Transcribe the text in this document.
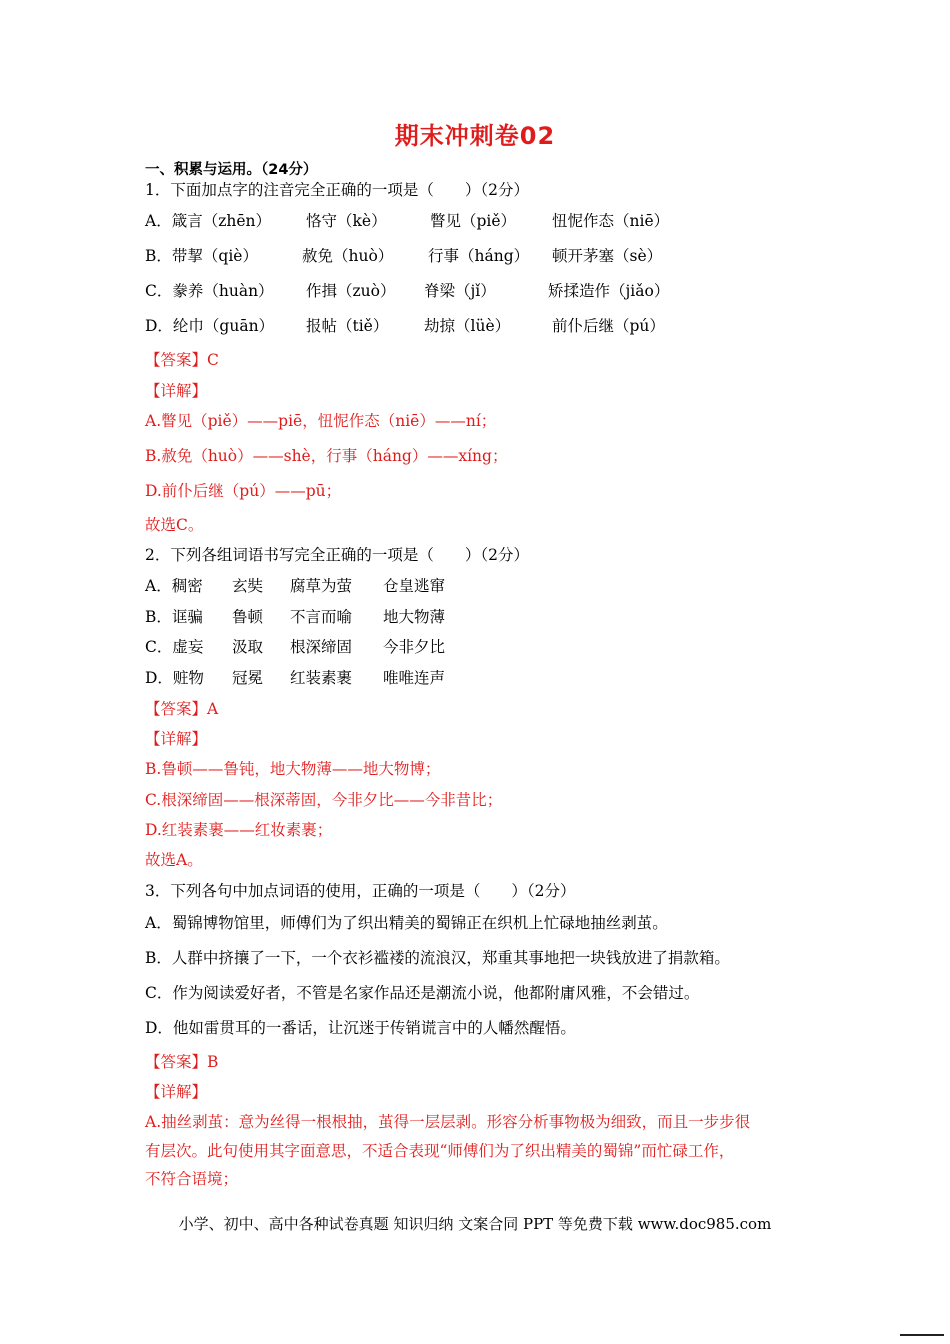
期末冲刺卷02
一、积累与运用。（24分）
1．下面加点字的注音完全正确的一项是（　　）（2分）
A．箴言（zhēn） 恪守（kè）	瞥见（piě） 忸怩作态（niē）
B．带挈（qiè）	赦免（huò） 行事（háng） 顿开茅塞（sè）
C．豢养（huàn） 作揖（zuò） 脊梁（jǐ）	矫揉造作（jiǎo）
D．纶巾（guān） 报帖（tiě） 劫掠（lüè）	前仆后继（pú）
【答案】C
【详解】
A.瞥见（piě）——piē，忸怩作态（niē）——ní；
B.赦免（huò）——shè，行事（háng）——xíng；
D.前仆后继（pú）——pū；
故选C。
2．下列各组词语书写完全正确的一项是（　　）（2分）
A．稠密 玄奘 腐草为萤 仓皇逃窜
B．诓骗 鲁顿 不言而喻 地大物薄
C．虚妄 汲取 根深缔固 今非夕比
D．赃物 冠冕 红装素裹 唯唯连声
【答案】A
【详解】
B.鲁顿——鲁钝，地大物薄——地大物博；
C.根深缔固——根深蒂固，今非夕比——今非昔比；
D.红装素裹——红妆素裹；
故选A。
3．下列各句中加点词语的使用，正确的一项是（　　）（2分）
A．蜀锦博物馆里，师傅们为了织出精美的蜀锦正在织机上忙碌地抽丝剥茧。
B．人群中挤攘了一下，一个衣衫褴褛的流浪汉，郑重其事地把一块钱放进了捐款箱。
C．作为阅读爱好者，不管是名家作品还是潮流小说，他都附庸风雅，不会错过。
D．他如雷贯耳的一番话，让沉迷于传销谎言中的人幡然醒悟。
【答案】B
【详解】
A.抽丝剥茧：意为丝得一根根抽，茧得一层层剥。形容分析事物极为细致，而且一步步很
有层次。此句使用其字面意思，不适合表现“师傅们为了织出精美的蜀锦”而忙碌工作，
不符合语境；
小学、初中、高中各种试卷真题 知识归纳 文案合同 PPT 等免费下载 www.doc985.com
